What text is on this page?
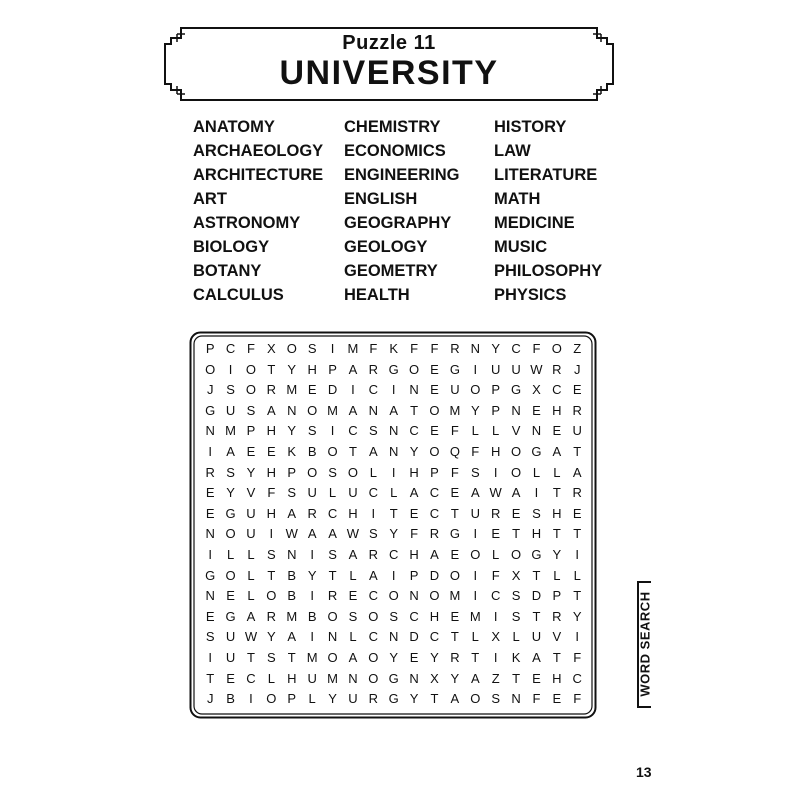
Puzzle 11
UNIVERSITY
ANATOMY
ARCHAEOLOGY
ARCHITECTURE
ART
ASTRONOMY
BIOLOGY
BOTANY
CALCULUS
CHEMISTRY
ECONOMICS
ENGINEERING
ENGLISH
GEOGRAPHY
GEOLOGY
GEOMETRY
HEALTH
HISTORY
LAW
LITERATURE
MATH
MEDICINE
MUSIC
PHILOSOPHY
PHYSICS
P C F X O S	I	M F K F F R N Y C F O Z
O	I	O T Y H P A R G O E G	I	U U W R J
J S O R M E D	I	C	I	N E U O P G X C E
G U S A N O M A N A T O M Y P N E H R
N M P H Y S	I	C S N C E F L	L V N E U
I	A E E K B O T A N Y O Q F H O G A T
R S Y H P O S O L	I	H P F S	I	O L	L A
E Y V F S U L U C L A C E A W A	I	T R
E G U H A R C H	I	T E C T U R E S H E
N O U	I W A A W S Y F R G	I	E T H T T
I	L	L S N	I	S A R C H A E O L O G Y	I
G O L T B Y T L A	I	P D O	I	F X T L	L
N E L O B	I	R E C O N O M	I	C S D P T
E G A R M B O S O S C H E M	I	S T R Y
S U W Y A	I	N L C N D C T L X L U V	I
I	U T S T M O A O Y E Y R T	I	K A T F
T E C L H U M N O G N X Y A Z T E H C
J B	I	O P L Y U R G Y T A O S N F E F
WORD SEARCH
13
